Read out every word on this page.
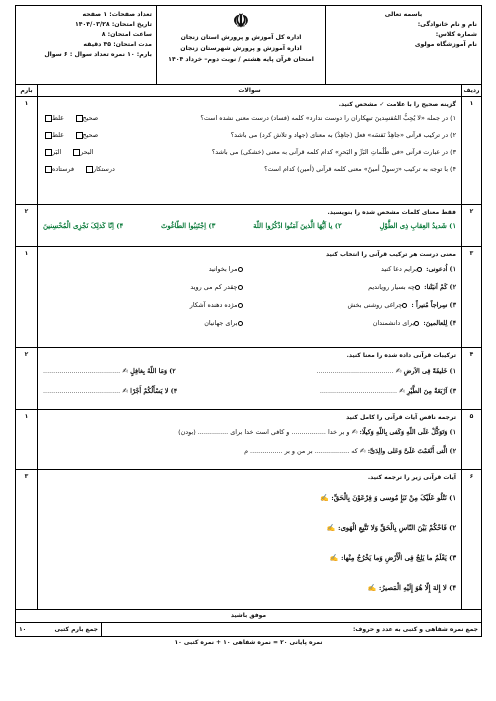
باسمه تعالی
نام و نام خانوادگی:
شماره کلاس:
نام آموزشگاه مولوی
☫
اداره کل آموزش و پرورش استان زنجان
اداره آموزش و پرورش شهرستان زنجان
امتحان قرآن پایه هشتم / نوبت دوم– خرداد ۱۴۰۴
تعداد صفحات: ۱ صفحه
تاریخ امتحان: ۱۴۰۴/۰۳/۲۸
ساعت امتحان: ۸
مدت امتحان: ۴۵ دقیقه
بارم: ۱۰ نمره تعداد سوال : ۶ سوال
ردیف
سوالات
بارم
۱
گزینه صحیح را با علامت ✓ مشخص کنید.
۱) در جمله «لا یُحِبُّ المُفسِدینَ تبهکاران را دوست ندارد» کلمه (فساد) درست معنی نشده است؟
صحیحغلط
۲) در ترکیب قرآنی «جاهِدْ نَفسَه» فعل (جاهِدْ) به معنای (جهاد و تلاش کرد) می باشد؟
صحیحغلط
۳) در عبارت قرآنی «فی ظُلُماتِ البَرِّ و البَحرِ» کدام کلمه قرآنی به معنی (خشکی) می باشد؟
البحرالبَر
۴) با توجه به ترکیب «رَسولٌ أمینٌ» معنی کلمه قرآنی (أمین) کدام است؟
درستکارفرستاده
۱
۲
فقط معنای کلمات مشخص شده را بنویسید.
۱) شَدیدُ العِقابِ ذِی الطَّوْلِ
۲) یا اَیُّهَا الَّذینَ آمَنُوا اذْکُرُوا اللّهَ
۳) اِجْتَنِبُوا الطّاغُوتَ
۴) اِنّا کَذلِکَ نَجْزِی الْمُحْسِنینَ
۲
۳
معنی درست هر ترکیب قرآنی را انتخاب کنید
۱) اُدعونی: برایم دعا کنید
مرا بخوانید
۲) کَمْ اَنبَتْنا: چه بسیار رویاندیم
چقدر کم می روید
۳) سِراجاً مُنیراً : چراغی روشنی بخش
مژده دهنده آشکار
۴) لِلعالمینَ: برای دانشمندان
برای جهانیان
۱
۴
ترکیبات قرآنی داده شده را معنا کنید.
۱) خَلیفَةً فِی الاَرضِ ✍ ......................................
۲) وَمَا اللّهُ بِغافِلٍ ✍ ......................................
۳) اَرْبَعَةٌ مِنَ الطَّیْرِ ✍ ......................................
۴) لا یَسْأَلُکُمْ أَجْرًا ✍ ......................................
۲
۵
ترجمه ناقص آیات قرآنی را کامل کنید
۱) وَتَوَکَّلْ عَلَی اللّهِ وَکَفی بِاللّهِ وَکیلًا: ✍ و بر خدا ................. و کافی است خدا برای ............... (بودن)
۲) الَّتی أَنْعَمْتَ عَلَیَّ وَعَلی والِدَیَّ: ✍ که ................. بر من و بر ................ م
۱
۶
آیات قرآنی زیر را ترجمه کنید.
۱) نَتْلُو عَلَیْکَ مِنْ نَبَإِ مُوسی وَ فِرْعَوْنَ بِالْحَقِّ: ✍
۲) فَاحْکُمْ بَیْنَ النّاسِ بِالْحَقِّ وَلا تَتَّبِعِ الْهَوی: ✍
۳) یَعْلَمُ ما یَلِجُ فِی الْأَرْضِ وَما یَخْرُجُ مِنْها: ✍
۴) لا إِلهَ إِلّا هُوَ إِلَیْهِ الْمَصیرُ: ✍
۳
موفق باشید
جمع نمره شفاهی و کتبی به عدد و حروف:
جمع بارم کتبی
۱۰
نمره پایانی ۲۰ = نمره شفاهی ۱۰ + نمره کتبی ۱۰
